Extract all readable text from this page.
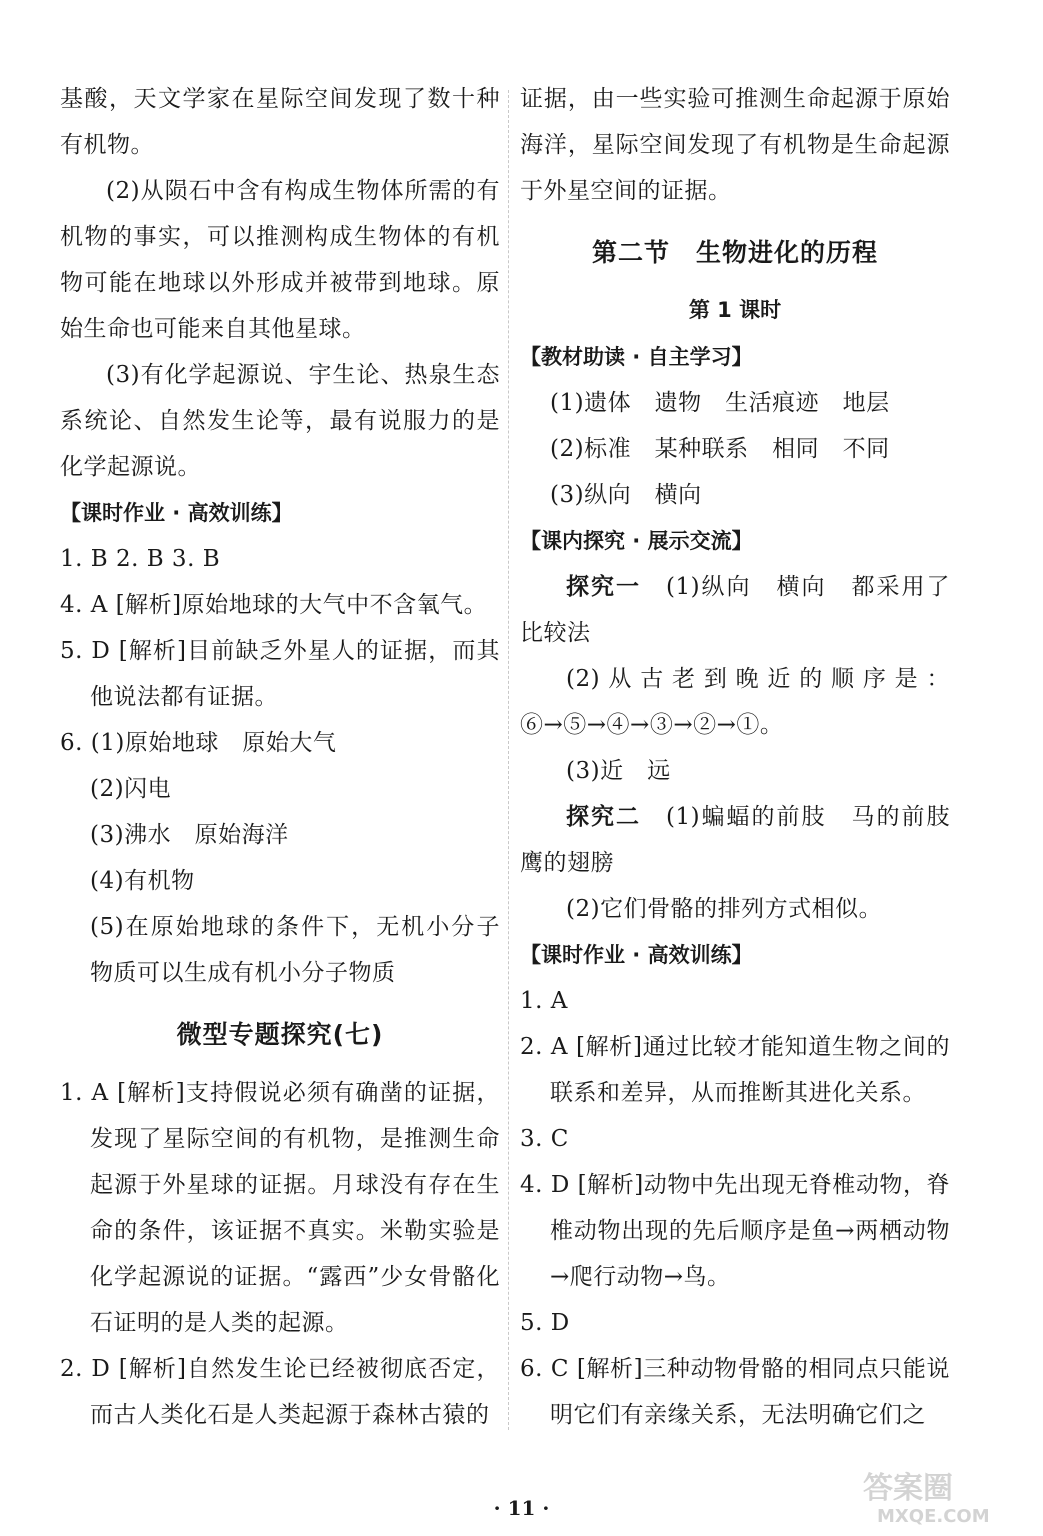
基酸，天文学家在星际空间发现了数十种有机物。

(2)从陨石中含有构成生物体所需的有机物的事实，可以推测构成生物体的有机物可能在地球以外形成并被带到地球。原始生命也可能来自其他星球。

(3)有化学起源说、宇生论、热泉生态系统论、自然发生论等，最有说服力的是化学起源说。

【课时作业 · 高效训练】

1. B 2. B 3. B

4. A [解析]原始地球的大气中不含氧气。

5. D [解析]目前缺乏外星人的证据，而其他说法都有证据。

6. (1)原始地球　原始大气

(2)闪电

(3)沸水　原始海洋

(4)有机物

(5)在原始地球的条件下，无机小分子物质可以生成有机小分子物质

微型专题探究(七)

1. A [解析]支持假说必须有确凿的证据，发现了星际空间的有机物，是推测生命起源于外星球的证据。月球没有存在生命的条件，该证据不真实。米勒实验是化学起源说的证据。“露西”少女骨骼化石证明的是人类的起源。

2. D [解析]自然发生论已经被彻底否定，而古人类化石是人类起源于森林古猿的

证据，由一些实验可推测生命起源于原始海洋，星际空间发现了有机物是生命起源于外星空间的证据。

第二节　生物进化的历程

第 1 课时

【教材助读 · 自主学习】

(1)遗体　遗物　生活痕迹　地层

(2)标准　某种联系　相同　不同

(3)纵向　横向

【课内探究 · 展示交流】

探究一　 (1)纵向　横向　都采用了比较法

(2)从古老到晚近的顺序是：⑥→⑤→④→③→②→①。

(3)近　远

探究二　 (1)蝙蝠的前肢　马的前肢　鹰的翅膀

(2)它们骨骼的排列方式相似。

【课时作业 · 高效训练】

1. A

2. A [解析]通过比较才能知道生物之间的联系和差异，从而推断其进化关系。

3. C

4. D [解析]动物中先出现无脊椎动物，脊椎动物出现的先后顺序是鱼→两栖动物→爬行动物→鸟。

5. D

6. C [解析]三种动物骨骼的相同点只能说明它们有亲缘关系，无法明确它们之

· 11 ·
答案圈
MXQE.COM
